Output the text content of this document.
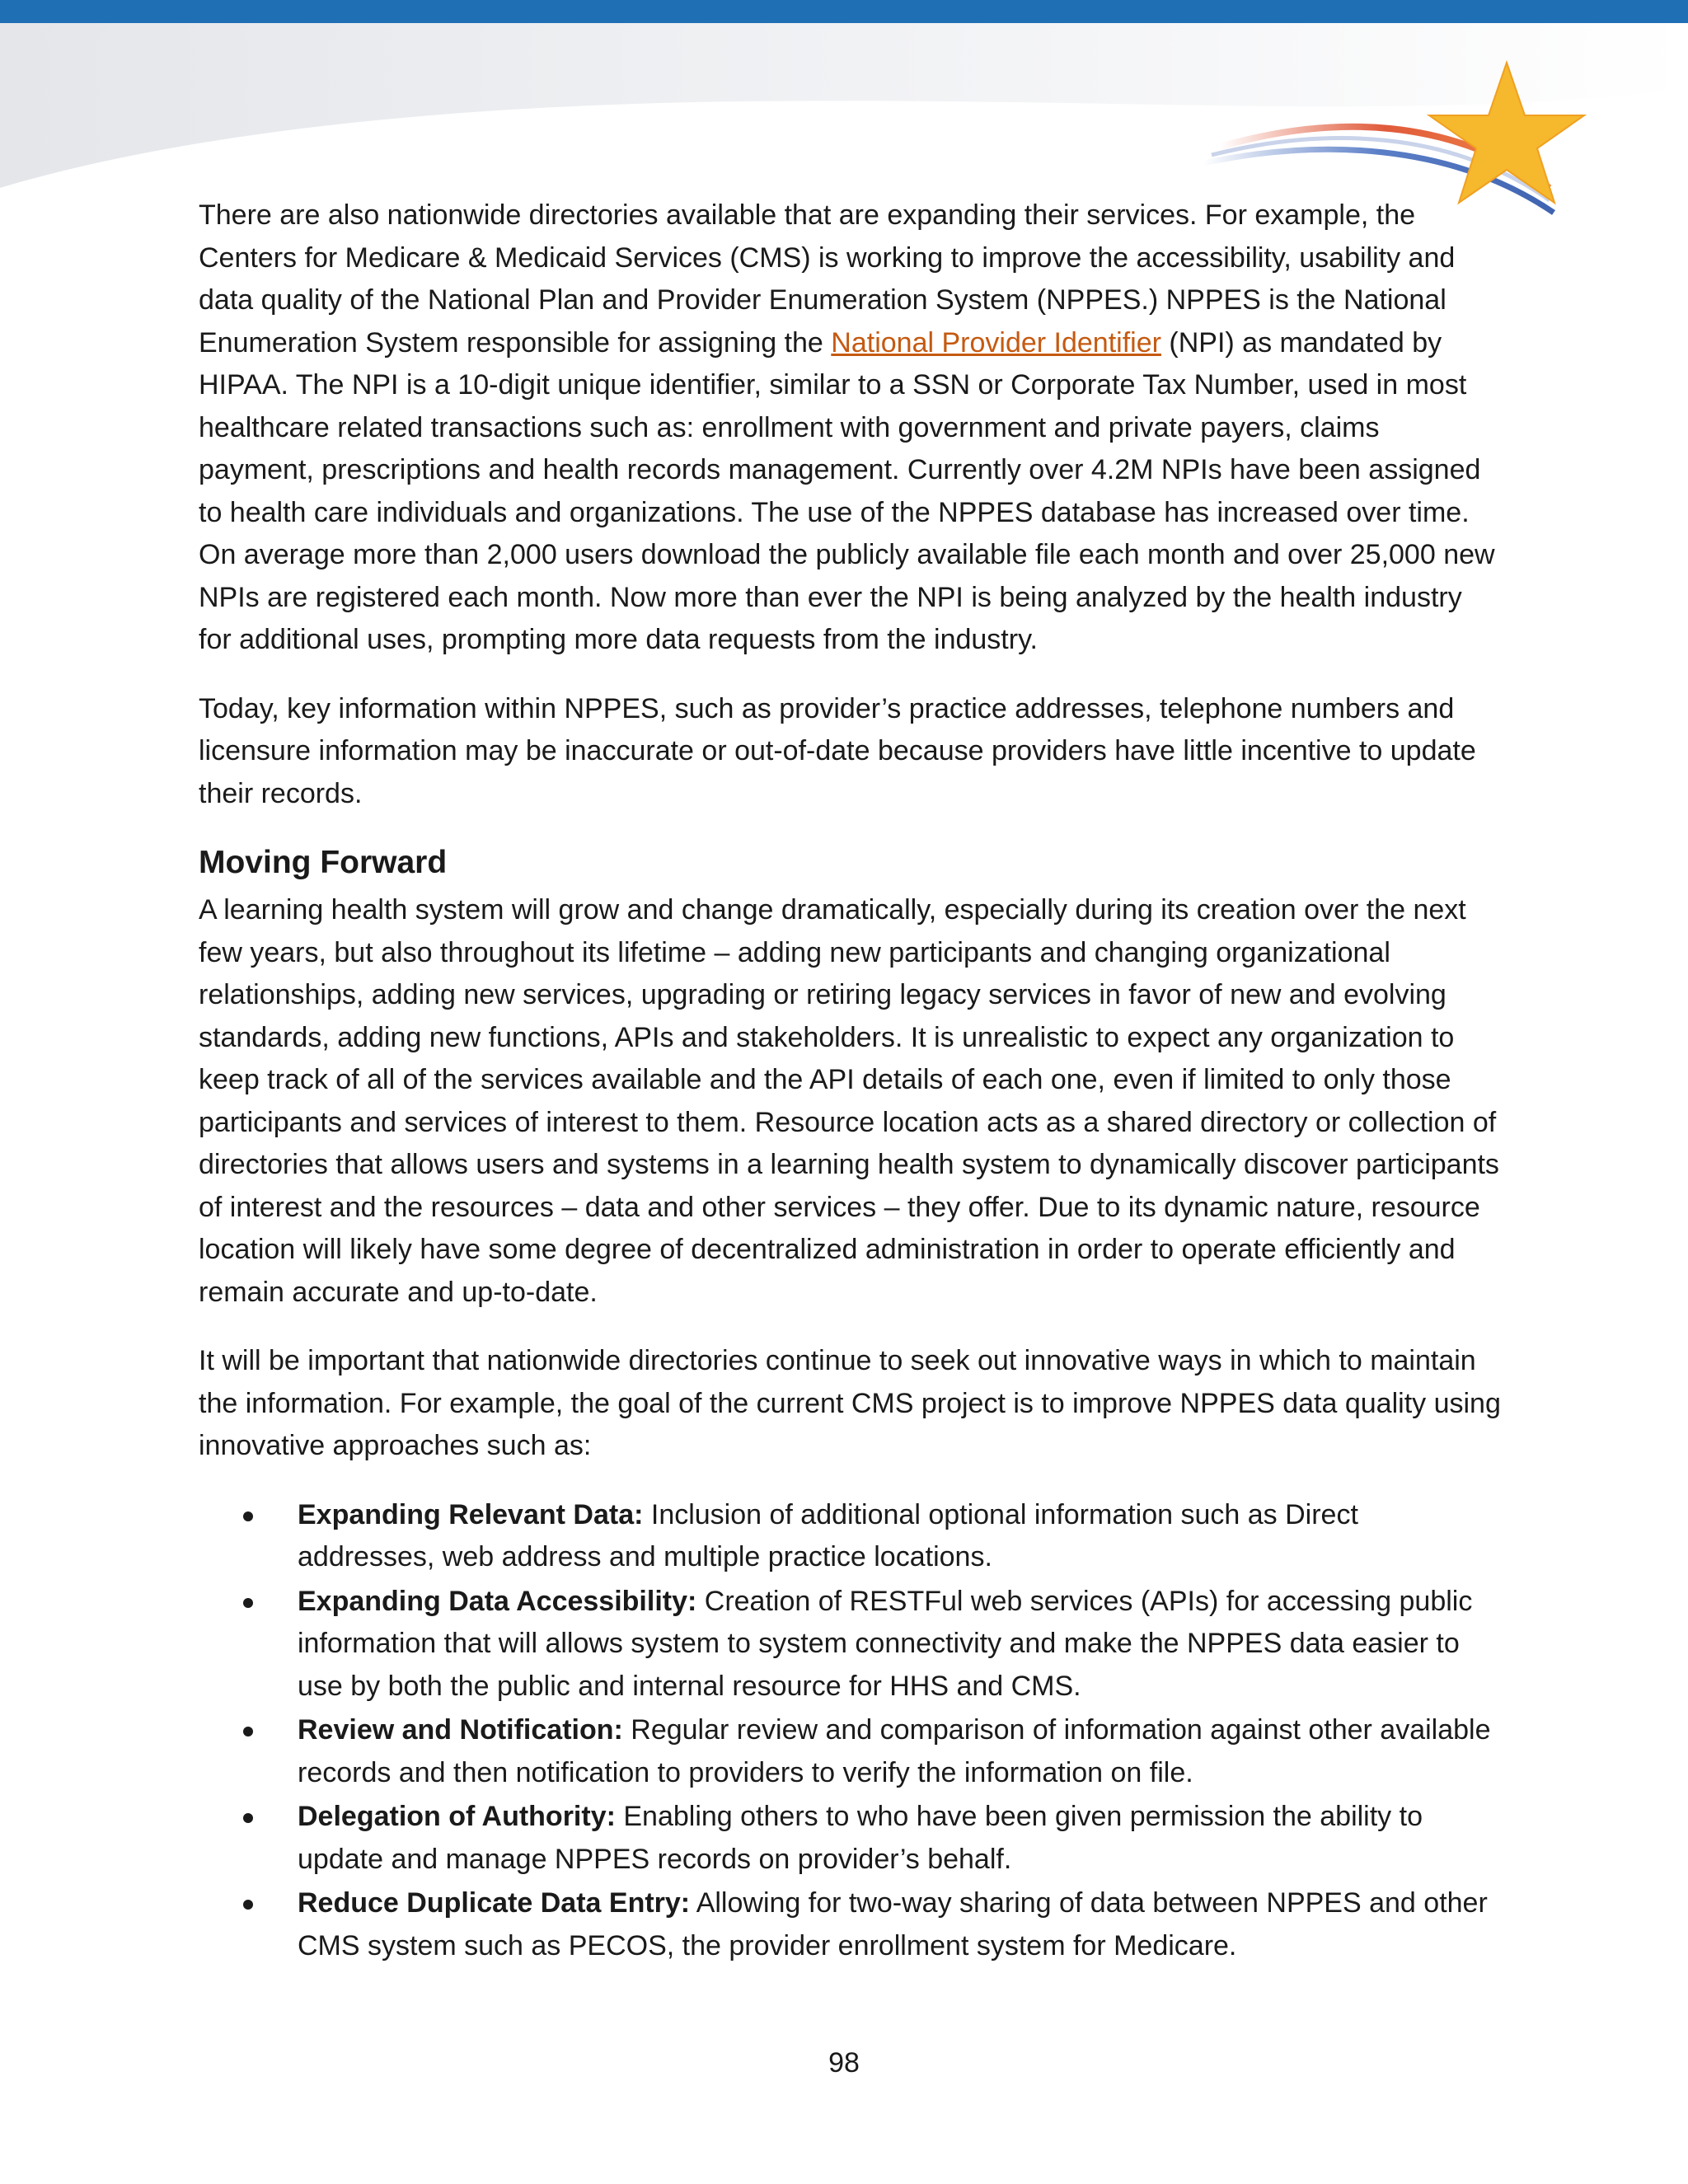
There are also nationwide directories available that are expanding their services. For example, the Centers for Medicare & Medicaid Services (CMS) is working to improve the accessibility, usability and data quality of the National Plan and Provider Enumeration System (NPPES.) NPPES is the National Enumeration System responsible for assigning the National Provider Identifier (NPI) as mandated by HIPAA. The NPI is a 10-digit unique identifier, similar to a SSN or Corporate Tax Number, used in most healthcare related transactions such as: enrollment with government and private payers, claims payment, prescriptions and health records management. Currently over 4.2M NPIs have been assigned to health care individuals and organizations. The use of the NPPES database has increased over time. On average more than 2,000 users download the publicly available file each month and over 25,000 new NPIs are registered each month. Now more than ever the NPI is being analyzed by the health industry for additional uses, prompting more data requests from the industry.

Today, key information within NPPES, such as provider’s practice addresses, telephone numbers and licensure information may be inaccurate or out-of-date because providers have little incentive to update their records.

Moving Forward

A learning health system will grow and change dramatically, especially during its creation over the next few years, but also throughout its lifetime – adding new participants and changing organizational relationships, adding new services, upgrading or retiring legacy services in favor of new and evolving standards, adding new functions, APIs and stakeholders. It is unrealistic to expect any organization to keep track of all of the services available and the API details of each one, even if limited to only those participants and services of interest to them. Resource location acts as a shared directory or collection of directories that allows users and systems in a learning health system to dynamically discover participants of interest and the resources – data and other services – they offer. Due to its dynamic nature, resource location will likely have some degree of decentralized administration in order to operate efficiently and remain accurate and up-to-date.

It will be important that nationwide directories continue to seek out innovative ways in which to maintain the information. For example, the goal of the current CMS project is to improve NPPES data quality using innovative approaches such as:

Expanding Relevant Data: Inclusion of additional optional information such as Direct addresses, web address and multiple practice locations.
Expanding Data Accessibility: Creation of RESTFul web services (APIs) for accessing public information that will allows system to system connectivity and make the NPPES data easier to use by both the public and internal resource for HHS and CMS.
Review and Notification: Regular review and comparison of information against other available records and then notification to providers to verify the information on file.
Delegation of Authority: Enabling others to who have been given permission the ability to update and manage NPPES records on provider’s behalf.
Reduce Duplicate Data Entry: Allowing for two-way sharing of data between NPPES and other CMS system such as PECOS, the provider enrollment system for Medicare.
98
